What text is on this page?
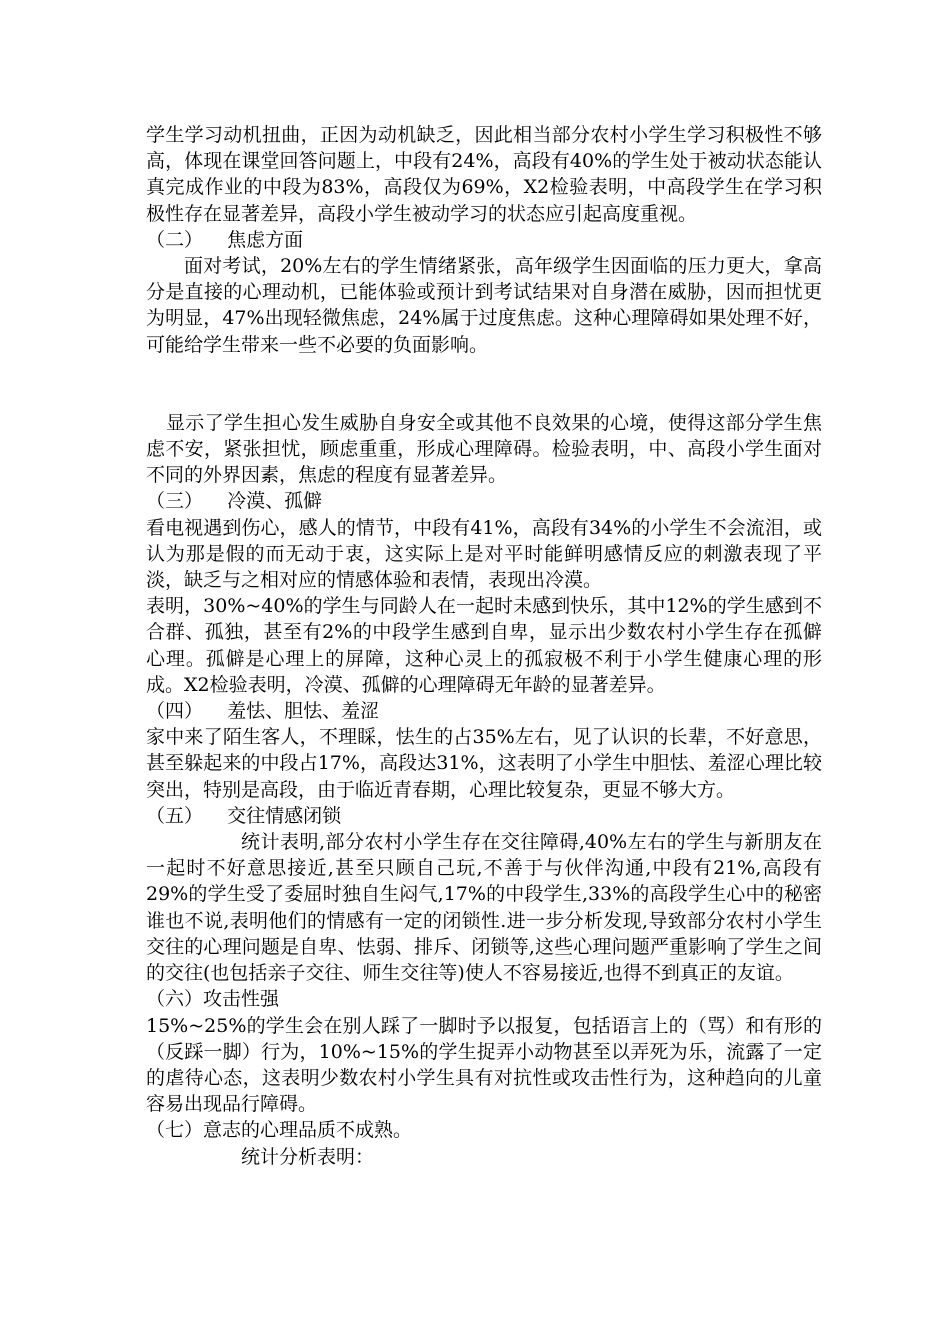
学生学习动机扭曲，正因为动机缺乏，因此相当部分农村小学生学习积极性不够高，体现在课堂回答问题上，中段有24%，高段有40%的学生处于被动状态能认真完成作业的中段为83%，高段仅为69%，X2检验表明，中高段学生在学习积极性存在显著差异，高段小学生被动学习的状态应引起高度重视。

（二）    焦虑方面

面对考试，20%左右的学生情绪紧张，高年级学生因面临的压力更大，拿高分是直接的心理动机，已能体验或预计到考试结果对自身潜在威胁，因而担忧更为明显，47%出现轻微焦虑，24%属于过度焦虑。这种心理障碍如果处理不好，可能给学生带来一些不必要的负面影响。

显示了学生担心发生威胁自身安全或其他不良效果的心境，使得这部分学生焦虑不安，紧张担忧，顾虑重重，形成心理障碍。检验表明，中、高段小学生面对不同的外界因素，焦虑的程度有显著差异。

（三）    冷漠、孤僻

看电视遇到伤心，感人的情节，中段有41%，高段有34%的小学生不会流泪，或认为那是假的而无动于衷，这实际上是对平时能鲜明感情反应的刺激表现了平淡，缺乏与之相对应的情感体验和表情，表现出冷漠。

表明，30%~40%的学生与同龄人在一起时未感到快乐，其中12%的学生感到不合群、孤独，甚至有2%的中段学生感到自卑，显示出少数农村小学生存在孤僻心理。孤僻是心理上的屏障，这种心灵上的孤寂极不利于小学生健康心理的形成。X2检验表明，冷漠、孤僻的心理障碍无年龄的显著差异。

（四）    羞怯、胆怯、羞涩

家中来了陌生客人，不理睬，怯生的占35%左右，见了认识的长辈，不好意思，甚至躲起来的中段占17%，高段达31%，这表明了小学生中胆怯、羞涩心理比较突出，特别是高段，由于临近青春期，心理比较复杂，更显不够大方。

（五）    交往情感闭锁

统计表明,部分农村小学生存在交往障碍,40%左右的学生与新朋友在一起时不好意思接近,甚至只顾自己玩,不善于与伙伴沟通,中段有21%,高段有29%的学生受了委屈时独自生闷气,17%的中段学生,33%的高段学生心中的秘密谁也不说,表明他们的情感有一定的闭锁性.进一步分析发现,导致部分农村小学生交往的心理问题是自卑、怯弱、排斥、闭锁等,这些心理问题严重影响了学生之间的交往(也包括亲子交往、师生交往等)使人不容易接近,也得不到真正的友谊。

（六）攻击性强

15%~25%的学生会在别人踩了一脚时予以报复，包括语言上的（骂）和有形的（反踩一脚）行为，10%~15%的学生捉弄小动物甚至以弄死为乐，流露了一定的虐待心态，这表明少数农村小学生具有对抗性或攻击性行为，这种趋向的儿童容易出现品行障碍。

（七）意志的心理品质不成熟。

统计分析表明：
